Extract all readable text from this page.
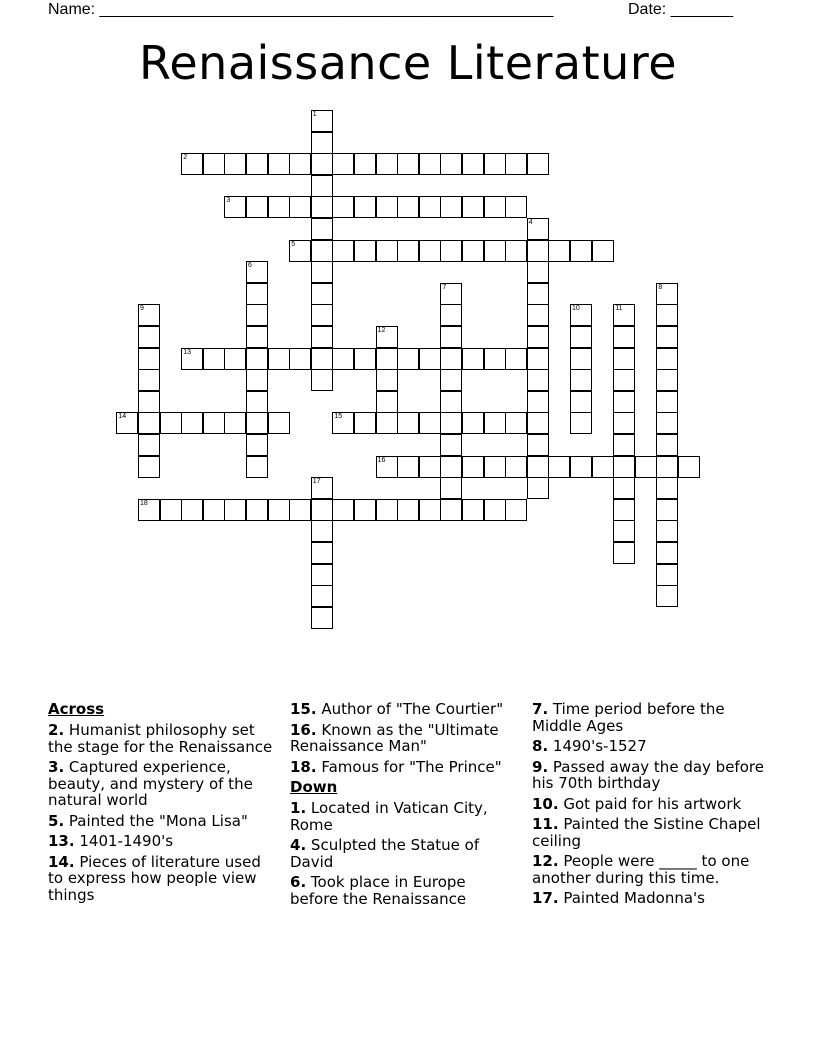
Name: ___________________________________________________	Date: _______
Renaissance Literature
1
2
3
4
5
6
7	8
9	10	11
12
13
14	15
16
17
18
Across
2. Humanist philosophy set the stage for the Renaissance
3. Captured experience, beauty, and mystery of the natural world
5. Painted the "Mona Lisa"
13. 1401-1490's
14. Pieces of literature used to express how people view things
15. Author of "The Courtier"
16. Known as the "Ultimate Renaissance Man"
18. Famous for "The Prince"
Down
1. Located in Vatican City, Rome
4. Sculpted the Statue of David
6. Took place in Europe before the Renaissance
7. Time period before the Middle Ages
8. 1490's-1527
9. Passed away the day before his 70th birthday
10. Got paid for his artwork
11. Painted the Sistine Chapel ceiling
12. People were _____ to one another during this time.
17. Painted Madonna's
